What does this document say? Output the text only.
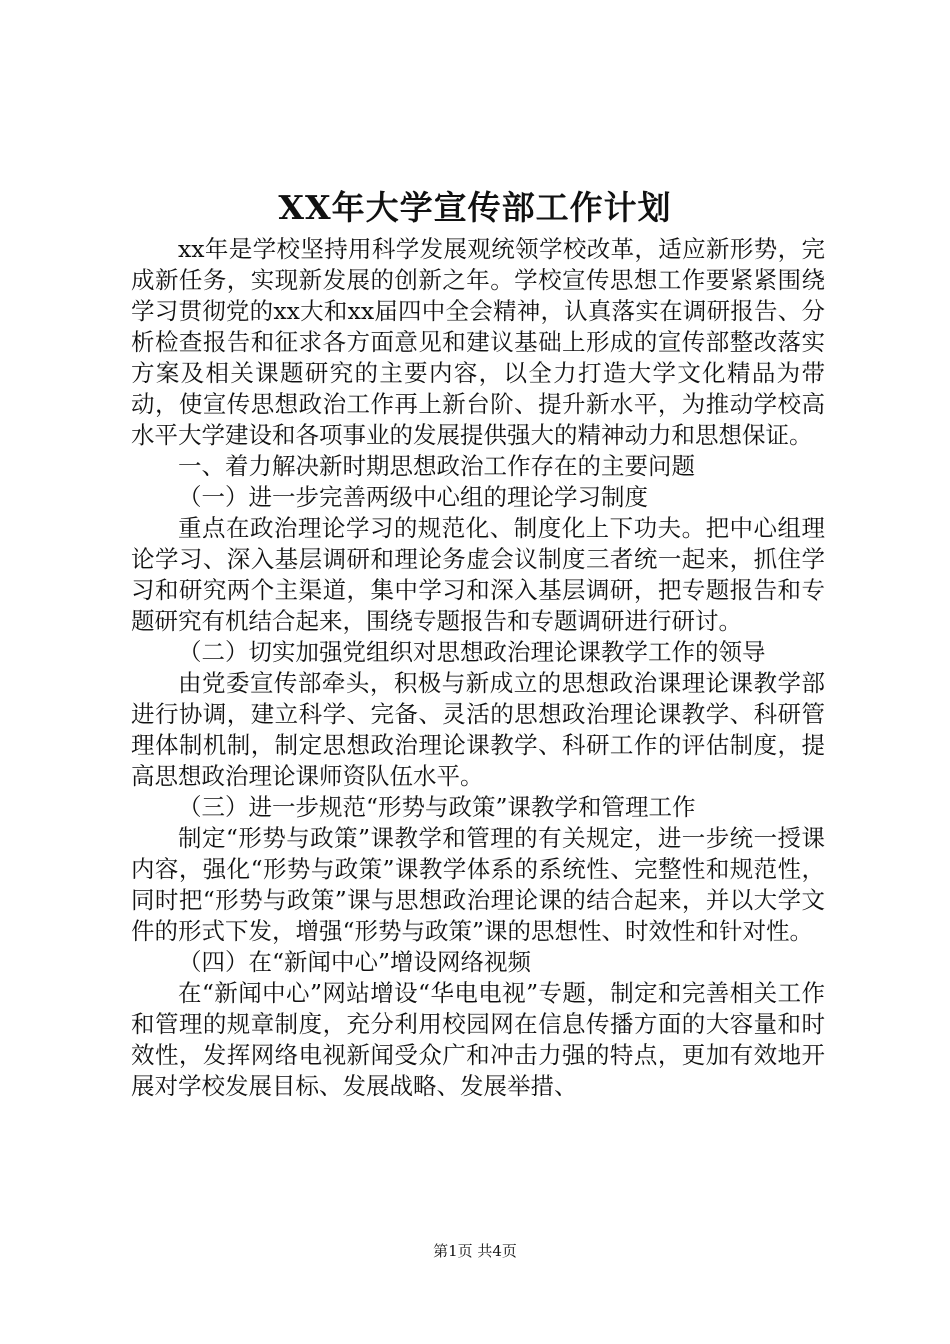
XX年大学宣传部工作计划

xx年是学校坚持用科学发展观统领学校改革，适应新形势，完成新任务，实现新发展的创新之年。学校宣传思想工作要紧紧围绕学习贯彻党的xx大和xx届四中全会精神，认真落实在调研报告、分析检查报告和征求各方面意见和建议基础上形成的宣传部整改落实方案及相关课题研究的主要内容，以全力打造大学文化精品为带动，使宣传思想政治工作再上新台阶、提升新水平，为推动学校高水平大学建设和各项事业的发展提供强大的精神动力和思想保证。

一、着力解决新时期思想政治工作存在的主要问题

（一）进一步完善两级中心组的理论学习制度

重点在政治理论学习的规范化、制度化上下功夫。把中心组理论学习、深入基层调研和理论务虚会议制度三者统一起来，抓住学习和研究两个主渠道，集中学习和深入基层调研，把专题报告和专题研究有机结合起来，围绕专题报告和专题调研进行研讨。

（二）切实加强党组织对思想政治理论课教学工作的领导

由党委宣传部牵头，积极与新成立的思想政治课理论课教学部进行协调，建立科学、完备、灵活的思想政治理论课教学、科研管理体制机制，制定思想政治理论课教学、科研工作的评估制度，提高思想政治理论课师资队伍水平。

（三）进一步规范“形势与政策”课教学和管理工作

制定“形势与政策”课教学和管理的有关规定，进一步统一授课内容，强化“形势与政策”课教学体系的系统性、完整性和规范性，同时把“形势与政策”课与思想政治理论课的结合起来，并以大学文件的形式下发，增强“形势与政策”课的思想性、时效性和针对性。

（四）在“新闻中心”增设网络视频

在“新闻中心”网站增设“华电电视”专题，制定和完善相关工作和管理的规章制度，充分利用校园网在信息传播方面的大容量和时效性，发挥网络电视新闻受众广和冲击力强的特点，更加有效地开展对学校发展目标、发展战略、发展举措、

第1页 共4页
